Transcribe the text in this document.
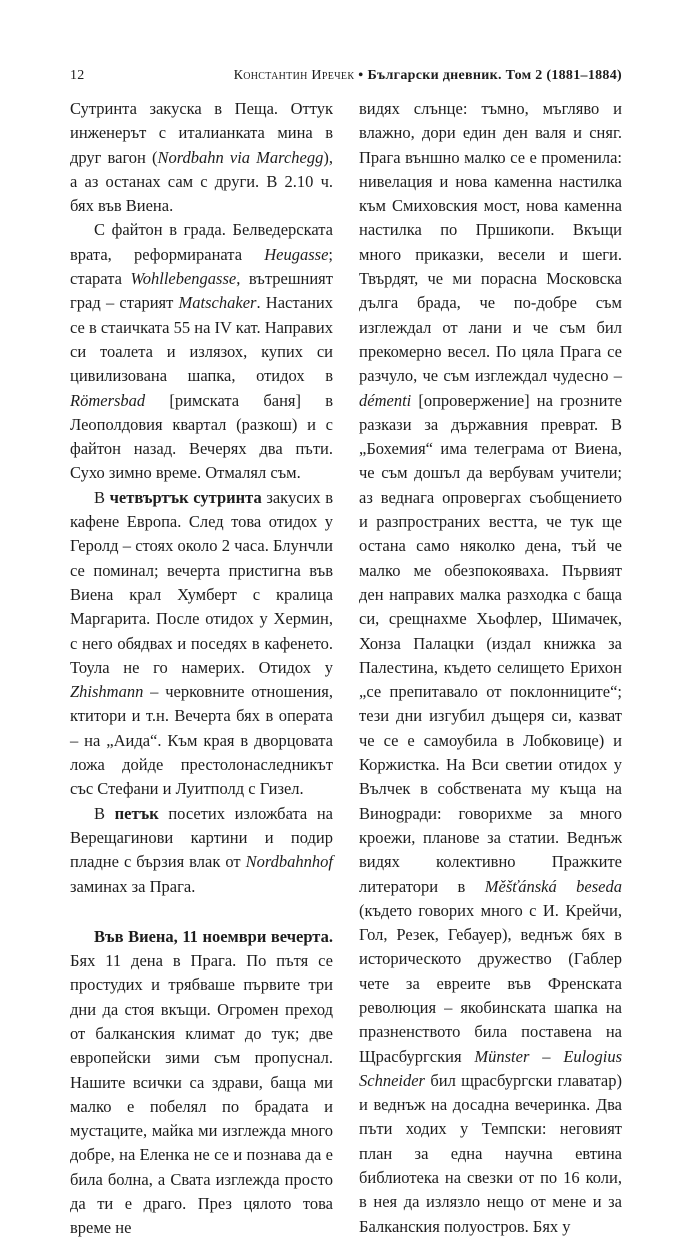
12	Константин Иречек • Български дневник. Том 2 (1881–1884)

Сутринта закуска в Пеща. Оттук инженерът с италианката мина в друг вагон (Nordbahn via Marchegg), а аз останах сам с други. В 2.10 ч. бях във Виена.

С файтон в града. Белведерската врата, реформираната Heugasse; старата Wohllebengasse, вътрешният град – старият Matschaker. Настаних се в стаичката 55 на IV кат. Направих си тоалета и излязох, купих си цивилизована шапка, отидох в Römersbad [римската баня] в Леополдовия квартал (разкош) и с файтон назад. Вечерях два пъти. Сухо зимно време. Отмалял съм.

В четвъртък сутринта закусих в кафене Европа. След това отидох у Геролд – стоях около 2 часа. Блунчли се поминал; вечерта пристигна във Виена крал Хумберт с кралица Маргарита. После отидох у Хермин, с него обядвах и поседях в кафенето. Тоула не го намерих. Отидох у Zhishmann – черковните отношения, ктитори и т.н. Вечерта бях в операта – на „Аида“. Към края в дворцовата ложа дойде престолонаследникът със Стефани и Луитполд с Гизел.

В петък посетих изложбата на Верещагинови картини и подир пладне с бързия влак от Nordbahnhof заминах за Прага.

Във Виена, 11 ноември вечерта. Бях 11 дена в Прага. По пътя се простудих и трябваше първите три дни да стоя вкъщи. Огромен преход от балканския климат до тук; две европейски зими съм пропуснал. Нашите всички са здрави, баща ми малко е побелял по брадата и мустаците, майка ми изглежда много добре, на Еленка не се и познава да е била болна, а Свата изглежда просто да ти е драго. През цялото това време не

видях слънце: тъмно, мъгляво и влажно, дори един ден валя и сняг. Прага външно малко се е променила: нивелация и нова каменна настилка към Смиховския мост, нова каменна настилка по Пршикопи. Вкъщи много приказки, весели и шеги. Твърдят, че ми порасна Московска дълга брада, че по-добре съм изглеждал от лани и че съм бил прекомерно весел. По цяла Прага се разчуло, че съм изглеждал чудесно – démenti [опровержение] на грозните разкази за държавния преврат. В „Бохемия“ има телеграма от Виена, че съм дошъл да вербувам учители; аз веднага опровергах съобщението и разпространих вестта, че тук ще остана само няколко дена, тъй че малко ме обезпокояваха. Първият ден направих малка разходка с баща си, срещнахме Хьофлер, Шимачек, Хонза Палацки (издал книжка за Палестина, където селището Ерихон „се препитавало от поклонниците“; тези дни изгубил дъщеря си, казват че се е самоубила в Лобковице) и Коржистка. На Вси светии отидох у Вълчек в собствената му къща на Винogради: говорихме за много кроежи, планове за статии. Веднъж видях колективно Пражките литератори в Měšťánská beseda (където говорих много с И. Крейчи, Гол, Резек, Гебауер), веднъж бях в историческото дружество (Габлер чете за евреите във Френската революция – якобинската шапка на празненството била поставена на Щрасбургския Münster – Eulogius Schneider бил щрасбургски главатар) и веднъж на досадна вечеринка. Два пъти ходих у Темпски: неговият план за една научна евтина библиотека на свезки от по 16 коли, в нея да излязло нещо от мене и за Балканския полуостров. Бях у
